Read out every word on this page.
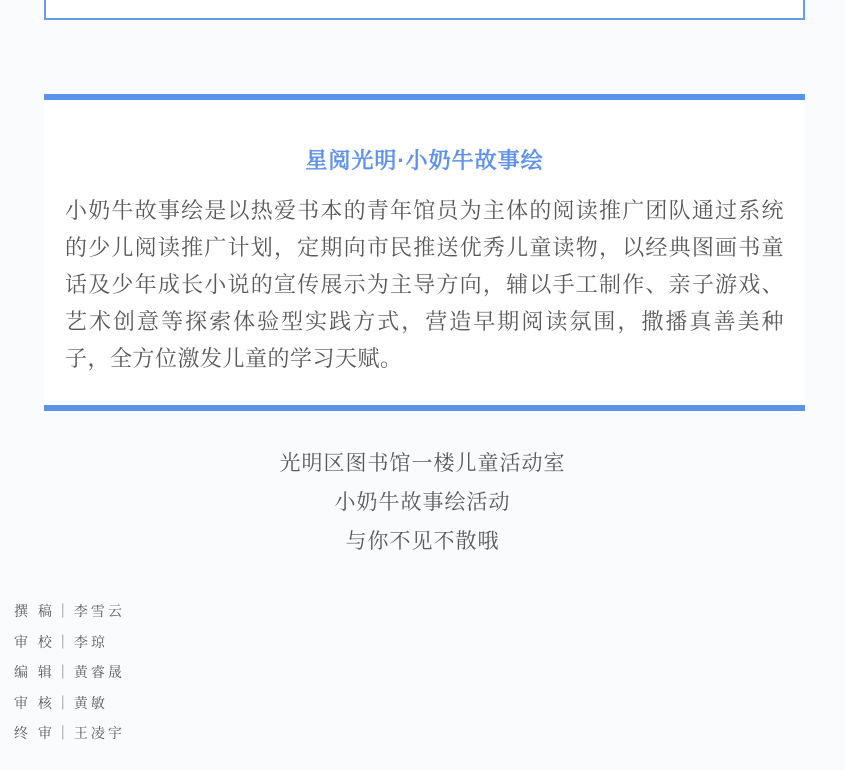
星阅光明·小奶牛故事绘

小奶牛故事绘是以热爱书本的青年馆员为主体的阅读推广团队通过系统的少儿阅读推广计划，定期向市民推送优秀儿童读物，以经典图画书童话及少年成长小说的宣传展示为主导方向，辅以手工制作、亲子游戏、艺术创意等探索体验型实践方式，营造早期阅读氛围，撒播真善美种子，全方位激发儿童的学习天赋。

光明区图书馆一楼儿童活动室
小奶牛故事绘活动
与你不见不散哦
撰 稿｜李雪云
审 校｜李琼
编 辑｜黄睿晟
审 核｜黄敏
终 审｜王凌宇
